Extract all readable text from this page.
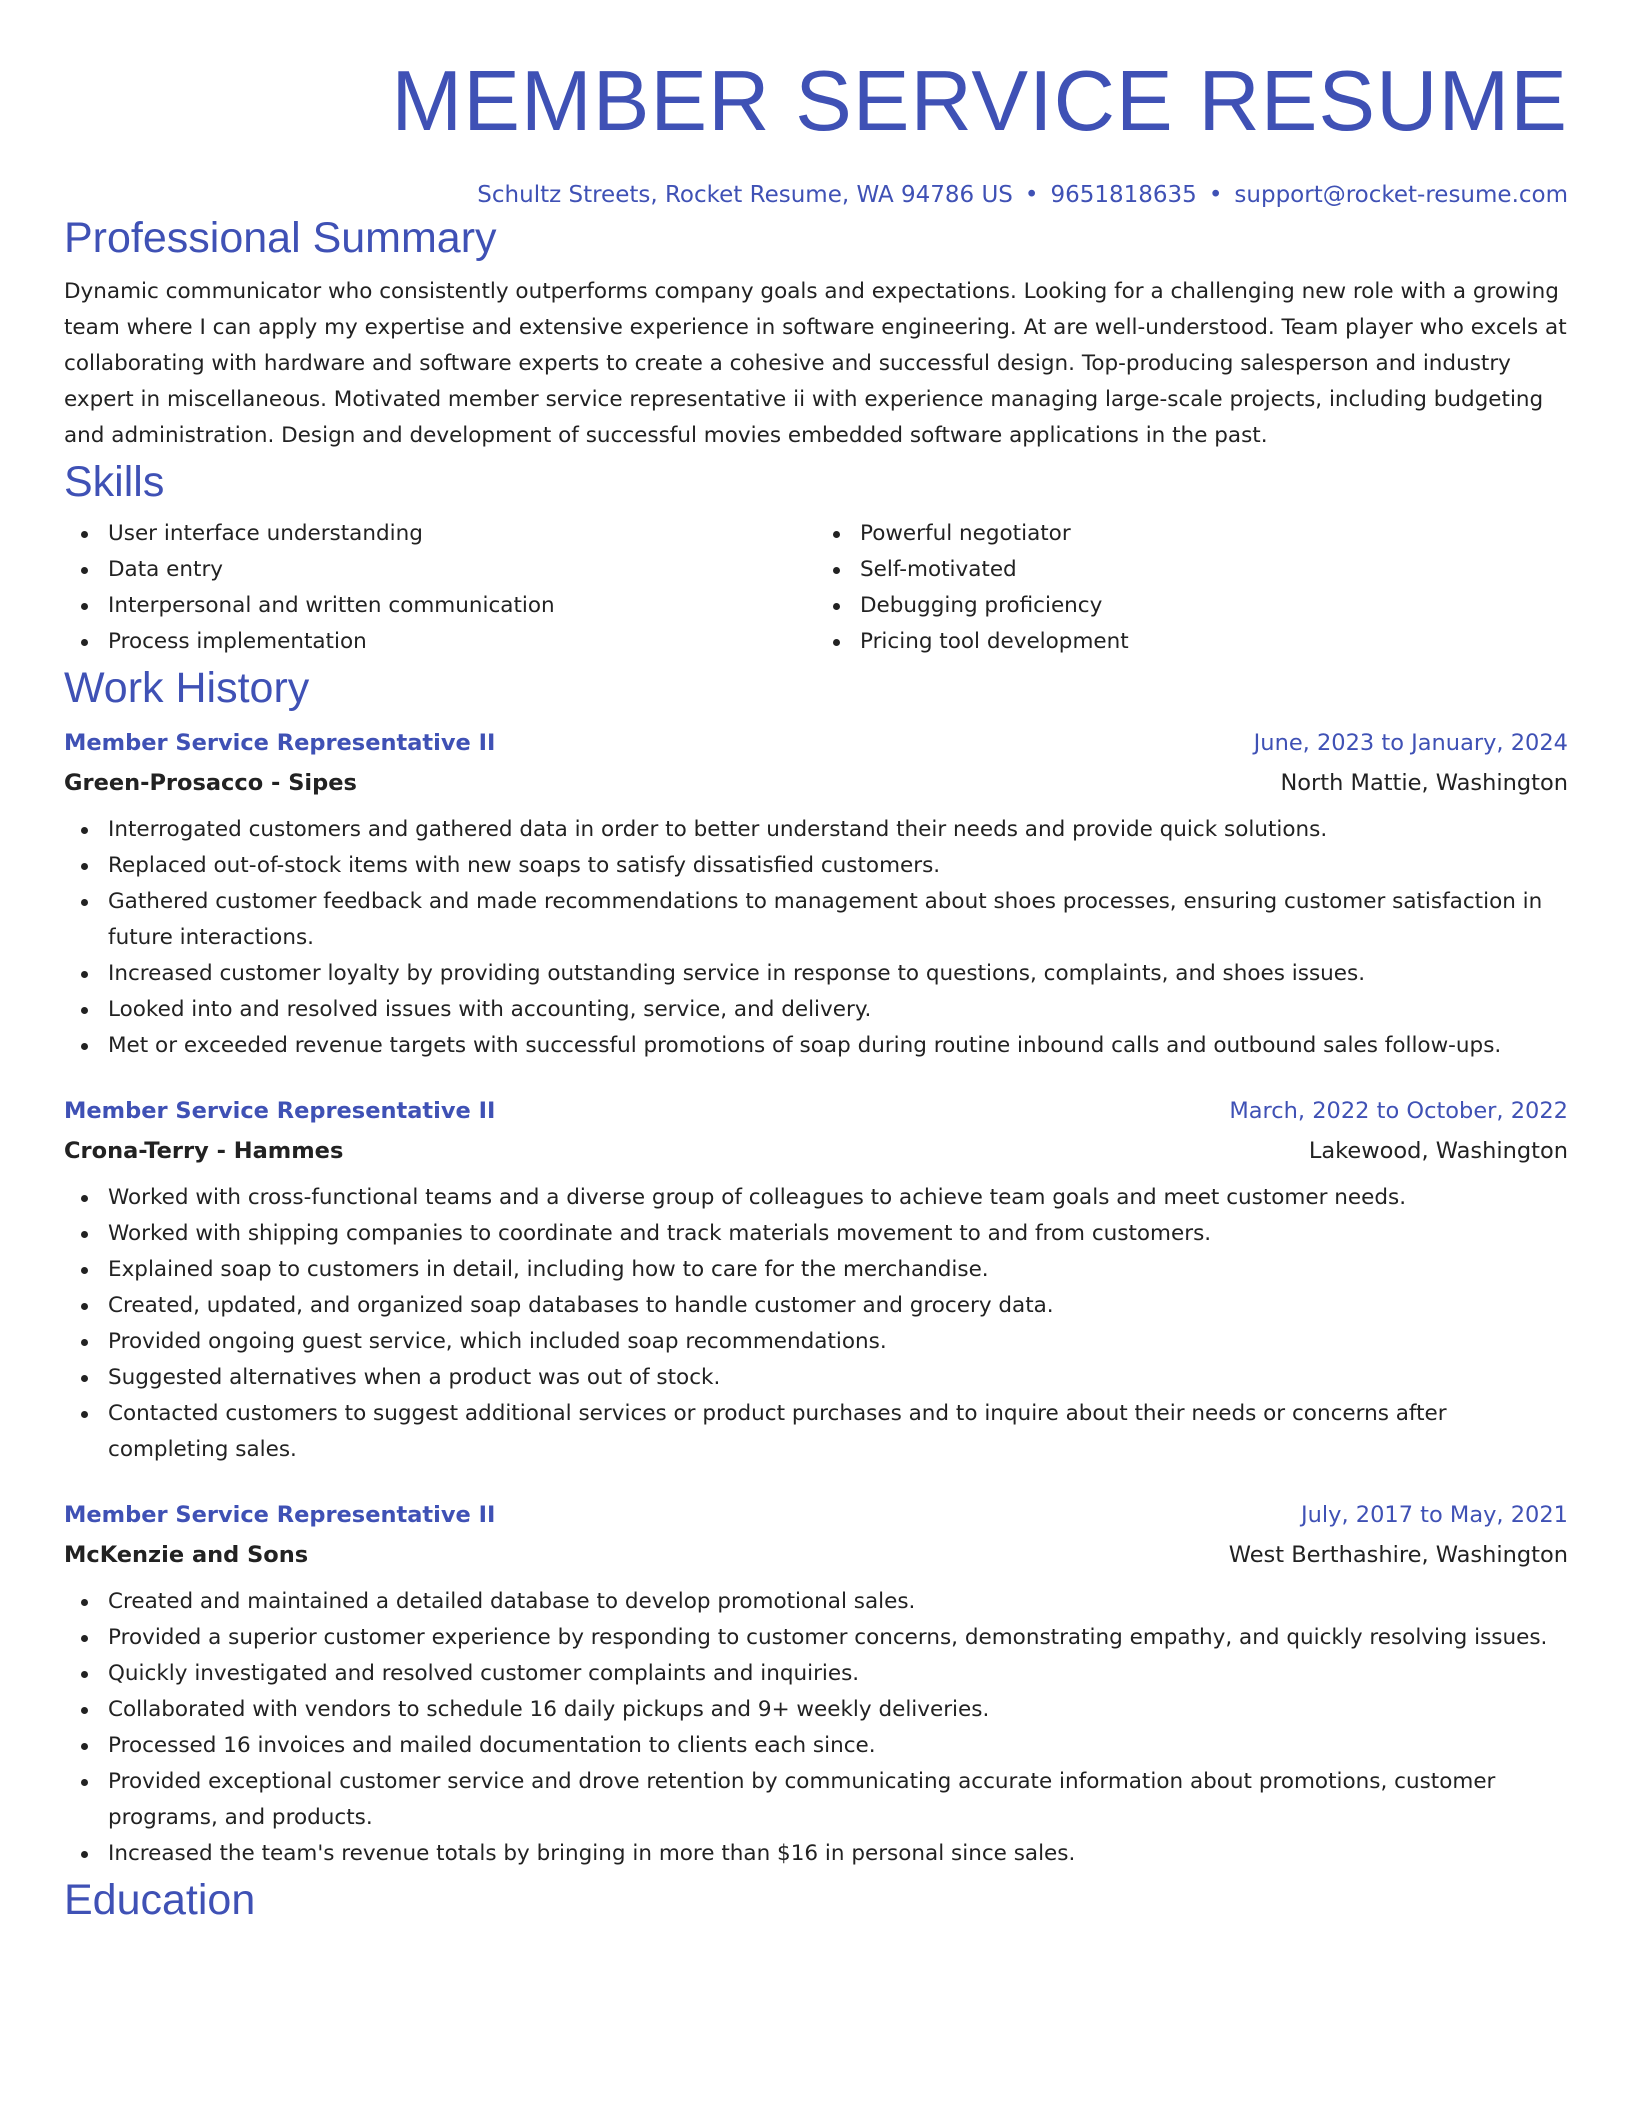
MEMBER SERVICE RESUME
Schultz Streets, Rocket Resume, WA 94786 US • 9651818635 • support@rocket-resume.com
Professional Summary

Dynamic communicator who consistently outperforms company goals and expectations. Looking for a challenging new role with a growing team where I can apply my expertise and extensive experience in software engineering. At are well-understood. Team player who excels at collaborating with hardware and software experts to create a cohesive and successful design. Top-producing salesperson and industry expert in miscellaneous. Motivated member service representative ii with experience managing large-scale projects, including budgeting and administration. Design and development of successful movies embedded software applications in the past.

Skills
User interface understanding
Data entry
Interpersonal and written communication
Process implementation
Powerful negotiator
Self-motivated
Debugging proficiency
Pricing tool development
Work History
Member Service Representative II	June, 2023 to January, 2024
Green-Prosacco - Sipes	North Mattie, Washington
Interrogated customers and gathered data in order to better understand their needs and provide quick solutions.
Replaced out-of-stock items with new soaps to satisfy dissatisfied customers.
Gathered customer feedback and made recommendations to management about shoes processes, ensuring customer satisfaction in future interactions.
Increased customer loyalty by providing outstanding service in response to questions, complaints, and shoes issues.
Looked into and resolved issues with accounting, service, and delivery.
Met or exceeded revenue targets with successful promotions of soap during routine inbound calls and outbound sales follow-ups.
Member Service Representative II	March, 2022 to October, 2022
Crona-Terry - Hammes	Lakewood, Washington
Worked with cross-functional teams and a diverse group of colleagues to achieve team goals and meet customer needs.
Worked with shipping companies to coordinate and track materials movement to and from customers.
Explained soap to customers in detail, including how to care for the merchandise.
Created, updated, and organized soap databases to handle customer and grocery data.
Provided ongoing guest service, which included soap recommendations.
Suggested alternatives when a product was out of stock.
Contacted customers to suggest additional services or product purchases and to inquire about their needs or concerns after completing sales.
Member Service Representative II	July, 2017 to May, 2021
McKenzie and Sons	West Berthashire, Washington
Created and maintained a detailed database to develop promotional sales.
Provided a superior customer experience by responding to customer concerns, demonstrating empathy, and quickly resolving issues.
Quickly investigated and resolved customer complaints and inquiries.
Collaborated with vendors to schedule 16 daily pickups and 9+ weekly deliveries.
Processed 16 invoices and mailed documentation to clients each since.
Provided exceptional customer service and drove retention by communicating accurate information about promotions, customer programs, and products.
Increased the team's revenue totals by bringing in more than $16 in personal since sales.
Education
